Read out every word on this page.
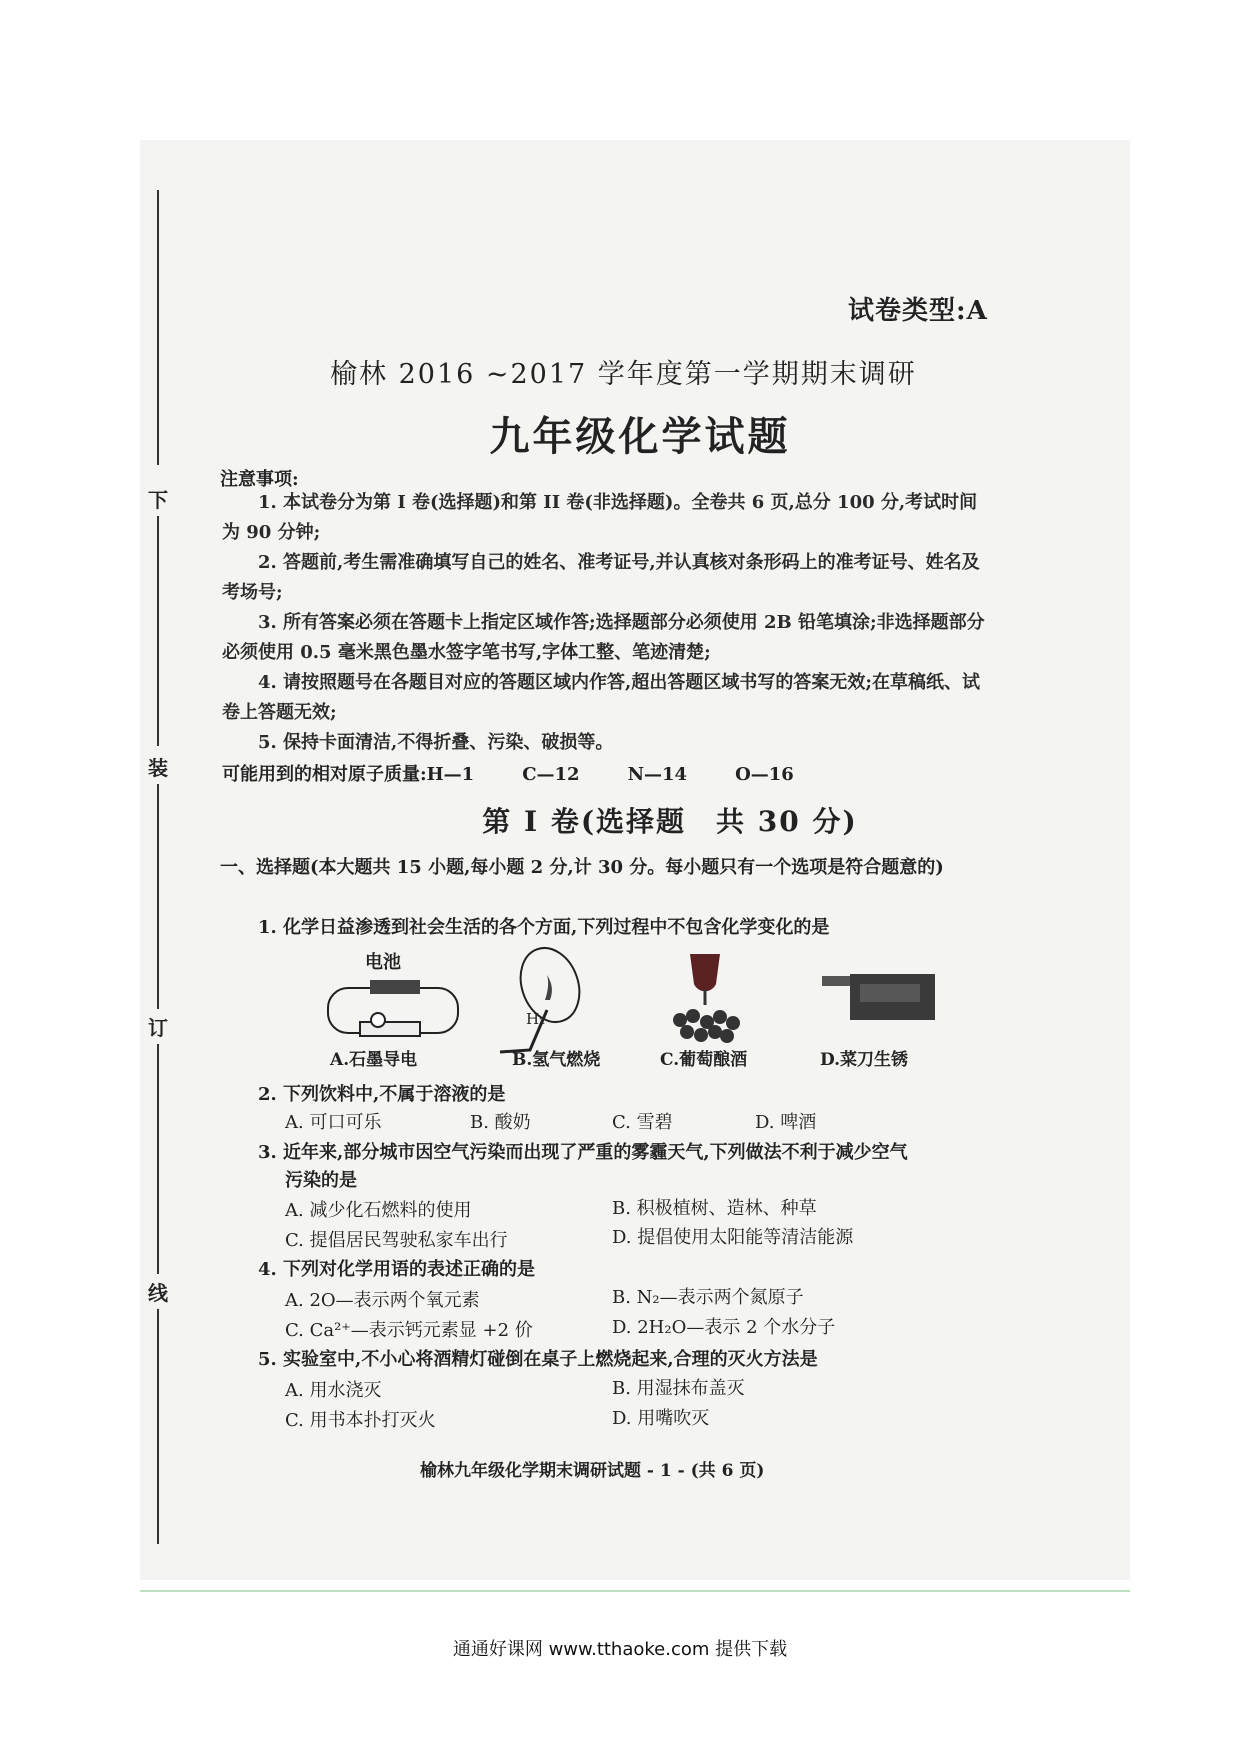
下
装
订
线
试卷类型:A
榆林 2016 ~2017 学年度第一学期期末调研
九年级化学试题
注意事项:

1. 本试卷分为第 I 卷(选择题)和第 II 卷(非选择题)。全卷共 6 页,总分 100 分,考试时间为 90 分钟;

2. 答题前,考生需准确填写自己的姓名、准考证号,并认真核对条形码上的准考证号、姓名及考场号;

3. 所有答案必须在答题卡上指定区域作答;选择题部分必须使用 2B 铅笔填涂;非选择题部分必须使用 0.5 毫米黑色墨水签字笔书写,字体工整、笔迹清楚;

4. 请按照题号在各题目对应的答题区域内作答,超出答题区域书写的答案无效;在草稿纸、试卷上答题无效;

5. 保持卡面清洁,不得折叠、污染、破损等。

可能用到的相对原子质量:H—1	C—12	N—14	O—16
第 I 卷(选择题　共 30 分)
一、选择题(本大题共 15 小题,每小题 2 分,计 30 分。每小题只有一个选项是符合题意的)
1. 化学日益渗透到社会生活的各个方面,下列过程中不包含化学变化的是
电池
H₂
A.石墨导电	B.氢气燃烧	C.葡萄酿酒	D.菜刀生锈
2. 下列饮料中,不属于溶液的是
A. 可口可乐	B. 酸奶	C. 雪碧	D. 啤酒
3. 近年来,部分城市因空气污染而出现了严重的雾霾天气,下列做法不利于减少空气
污染的是
A. 减少化石燃料的使用	B. 积极植树、造林、种草
C. 提倡居民驾驶私家车出行	D. 提倡使用太阳能等清洁能源
4. 下列对化学用语的表述正确的是
A. 2O—表示两个氧元素	B. N₂—表示两个氮原子
C. Ca²⁺—表示钙元素显 +2 价	D. 2H₂O—表示 2 个水分子
5. 实验室中,不小心将酒精灯碰倒在桌子上燃烧起来,合理的灭火方法是
A. 用水浇灭	B. 用湿抹布盖灭
C. 用书本扑打灭火	D. 用嘴吹灭
榆林九年级化学期末调研试题 - 1 - (共 6 页)
通通好课网 www.tthaoke.com 提供下载
